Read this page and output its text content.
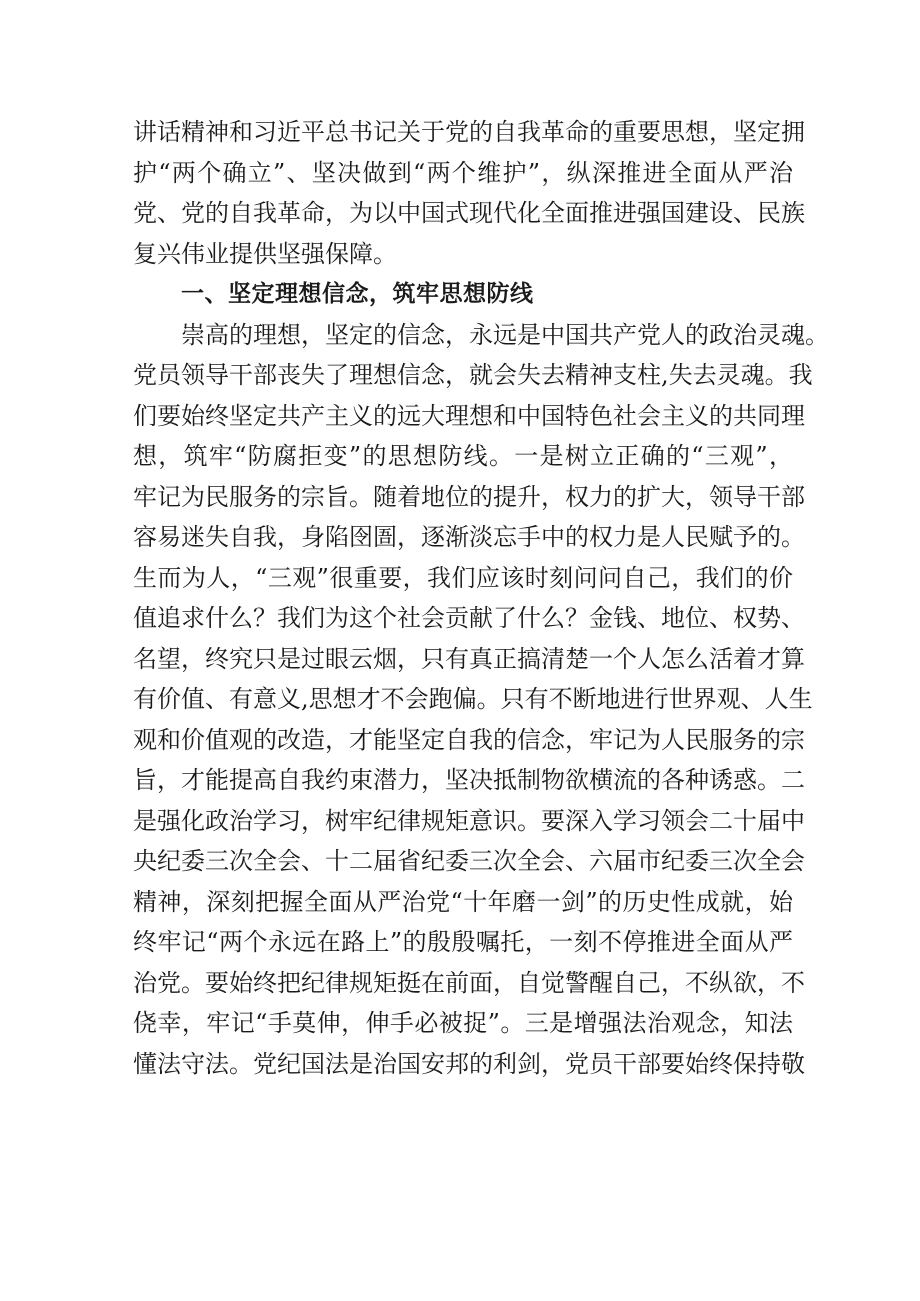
讲话精神和习近平总书记关于党的自我革命的重要思想，坚定拥
护“两个确立”、坚决做到“两个维护”，纵深推进全面从严治
党、党的自我革命，为以中国式现代化全面推进强国建设、民族
复兴伟业提供坚强保障。
一、坚定理想信念，筑牢思想防线
崇高的理想，坚定的信念，永远是中国共产党人的政治灵魂。
党员领导干部丧失了理想信念，就会失去精神支柱,失去灵魂。我
们要始终坚定共产主义的远大理想和中国特色社会主义的共同理
想，筑牢“防腐拒变”的思想防线。一是树立正确的“三观”，
牢记为民服务的宗旨。随着地位的提升，权力的扩大，领导干部
容易迷失自我，身陷囹圄，逐渐淡忘手中的权力是人民赋予的。
生而为人，“三观”很重要，我们应该时刻问问自己，我们的价
值追求什么？我们为这个社会贡献了什么？金钱、地位、权势、
名望，终究只是过眼云烟，只有真正搞清楚一个人怎么活着才算
有价值、有意义,思想才不会跑偏。只有不断地进行世界观、人生
观和价值观的改造，才能坚定自我的信念，牢记为人民服务的宗
旨，才能提高自我约束潜力，坚决抵制物欲横流的各种诱惑。二
是强化政治学习，树牢纪律规矩意识。要深入学习领会二十届中
央纪委三次全会、十二届省纪委三次全会、六届市纪委三次全会
精神，深刻把握全面从严治党“十年磨一剑”的历史性成就，始
终牢记“两个永远在路上”的殷殷嘱托，一刻不停推进全面从严
治党。要始终把纪律规矩挺在前面，自觉警醒自己，不纵欲，不
侥幸，牢记“手莫伸，伸手必被捉”。三是增强法治观念，知法
懂法守法。党纪国法是治国安邦的利剑，党员干部要始终保持敬
